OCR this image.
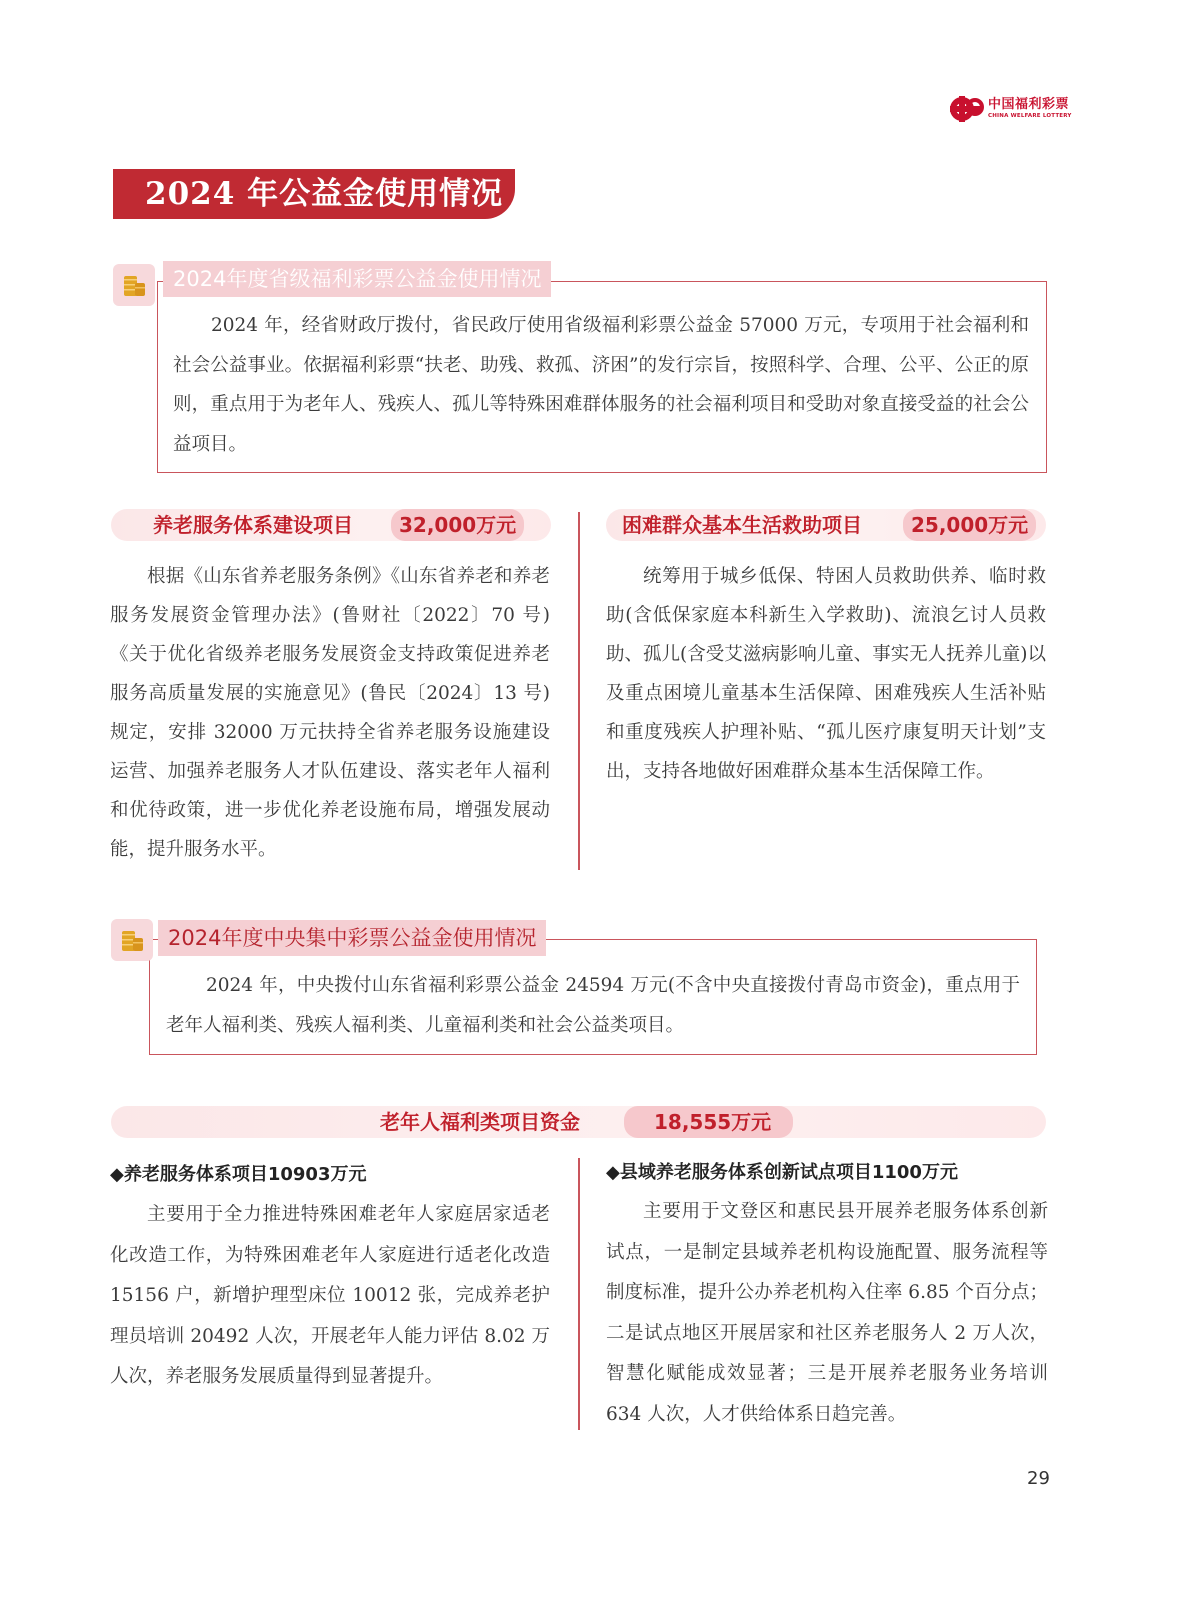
中国福利彩票
CHINA WELFARE LOTTERY
2024 年公益金使用情况
2024年度省级福利彩票公益金使用情况
2024 年，经省财政厅拨付，省民政厅使用省级福利彩票公益金 57000 万元，专项用于社会福利和社会公益事业。依据福利彩票“扶老、助残、救孤、济困”的发行宗旨，按照科学、合理、公平、公正的原则，重点用于为老年人、残疾人、孤儿等特殊困难群体服务的社会福利项目和受助对象直接受益的社会公益项目。
养老服务体系建设项目	32,000万元
根据《山东省养老服务条例》《山东省养老和养老服务发展资金管理办法》(鲁财社〔2022〕70 号)《关于优化省级养老服务发展资金支持政策促进养老服务高质量发展的实施意见》(鲁民〔2024〕13 号)规定，安排 32000 万元扶持全省养老服务设施建设运营、加强养老服务人才队伍建设、落实老年人福利和优待政策，进一步优化养老设施布局，增强发展动能，提升服务水平。
困难群众基本生活救助项目	25,000万元
统筹用于城乡低保、特困人员救助供养、临时救助(含低保家庭本科新生入学救助)、流浪乞讨人员救助、孤儿(含受艾滋病影响儿童、事实无人抚养儿童)以及重点困境儿童基本生活保障、困难残疾人生活补贴和重度残疾人护理补贴、“孤儿医疗康复明天计划”支出，支持各地做好困难群众基本生活保障工作。
2024年度中央集中彩票公益金使用情况
2024 年，中央拨付山东省福利彩票公益金 24594 万元(不含中央直接拨付青岛市资金)，重点用于老年人福利类、残疾人福利类、儿童福利类和社会公益类项目。
老年人福利类项目资金	18,555万元
◆养老服务体系项目10903万元
主要用于全力推进特殊困难老年人家庭居家适老化改造工作，为特殊困难老年人家庭进行适老化改造 15156 户，新增护理型床位 10012 张，完成养老护理员培训 20492 人次，开展老年人能力评估 8.02 万人次，养老服务发展质量得到显著提升。
◆县域养老服务体系创新试点项目1100万元
主要用于文登区和惠民县开展养老服务体系创新试点，一是制定县域养老机构设施配置、服务流程等制度标准，提升公办养老机构入住率 6.85 个百分点；二是试点地区开展居家和社区养老服务人 2 万人次，智慧化赋能成效显著；三是开展养老服务业务培训 634 人次，人才供给体系日趋完善。
29
